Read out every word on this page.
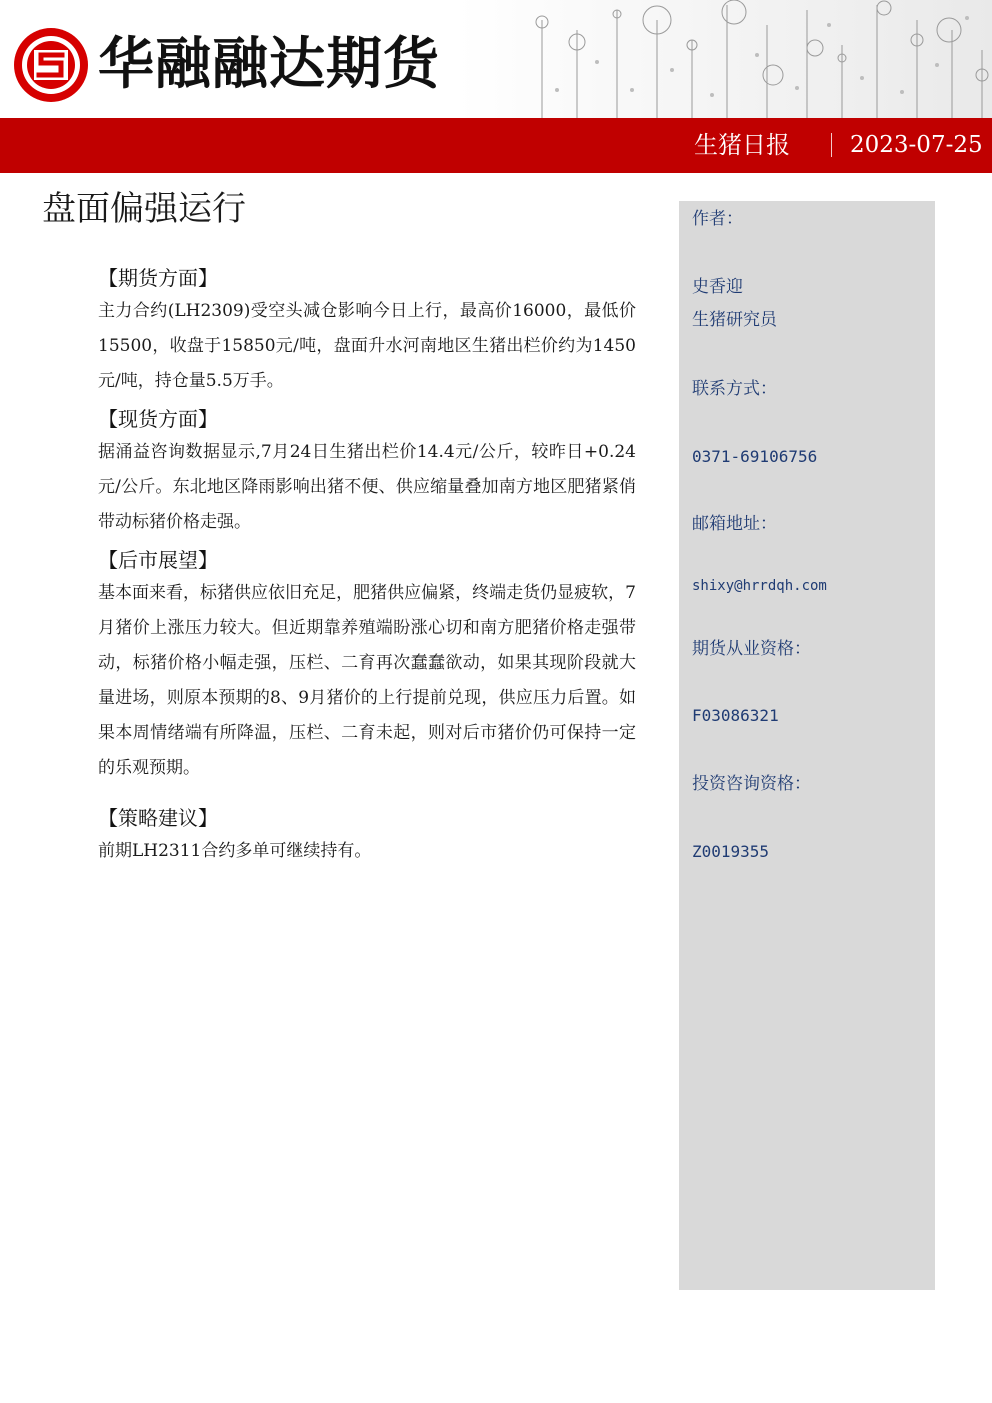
华融融达期货
生猪日报	2023-07-25
盘面偏强运行
【期货方面】

主力合约(LH2309)受空头减仓影响今日上行，最高价16000，最低价15500，收盘于15850元/吨，盘面升水河南地区生猪出栏价约为1450元/吨，持仓量5.5万手。

【现货方面】

据涌益咨询数据显示,7月24日生猪出栏价14.4元/公斤，较昨日+0.24元/公斤。东北地区降雨影响出猪不便、供应缩量叠加南方地区肥猪紧俏带动标猪价格走强。

【后市展望】

基本面来看，标猪供应依旧充足，肥猪供应偏紧，终端走货仍显疲软，7月猪价上涨压力较大。但近期靠养殖端盼涨心切和南方肥猪价格走强带动，标猪价格小幅走强，压栏、二育再次蠢蠢欲动，如果其现阶段就大量进场，则原本预期的8、9月猪价的上行提前兑现，供应压力后置。如果本周情绪端有所降温，压栏、二育未起，则对后市猪价仍可保持一定的乐观预期。

【策略建议】

前期LH2311合约多单可继续持有。

作者：
史香迎
生猪研究员
联系方式：
0371-69106756
邮箱地址：
shixy@hrrdqh.com
期货从业资格：
F03086321
投资咨询资格：
Z0019355
